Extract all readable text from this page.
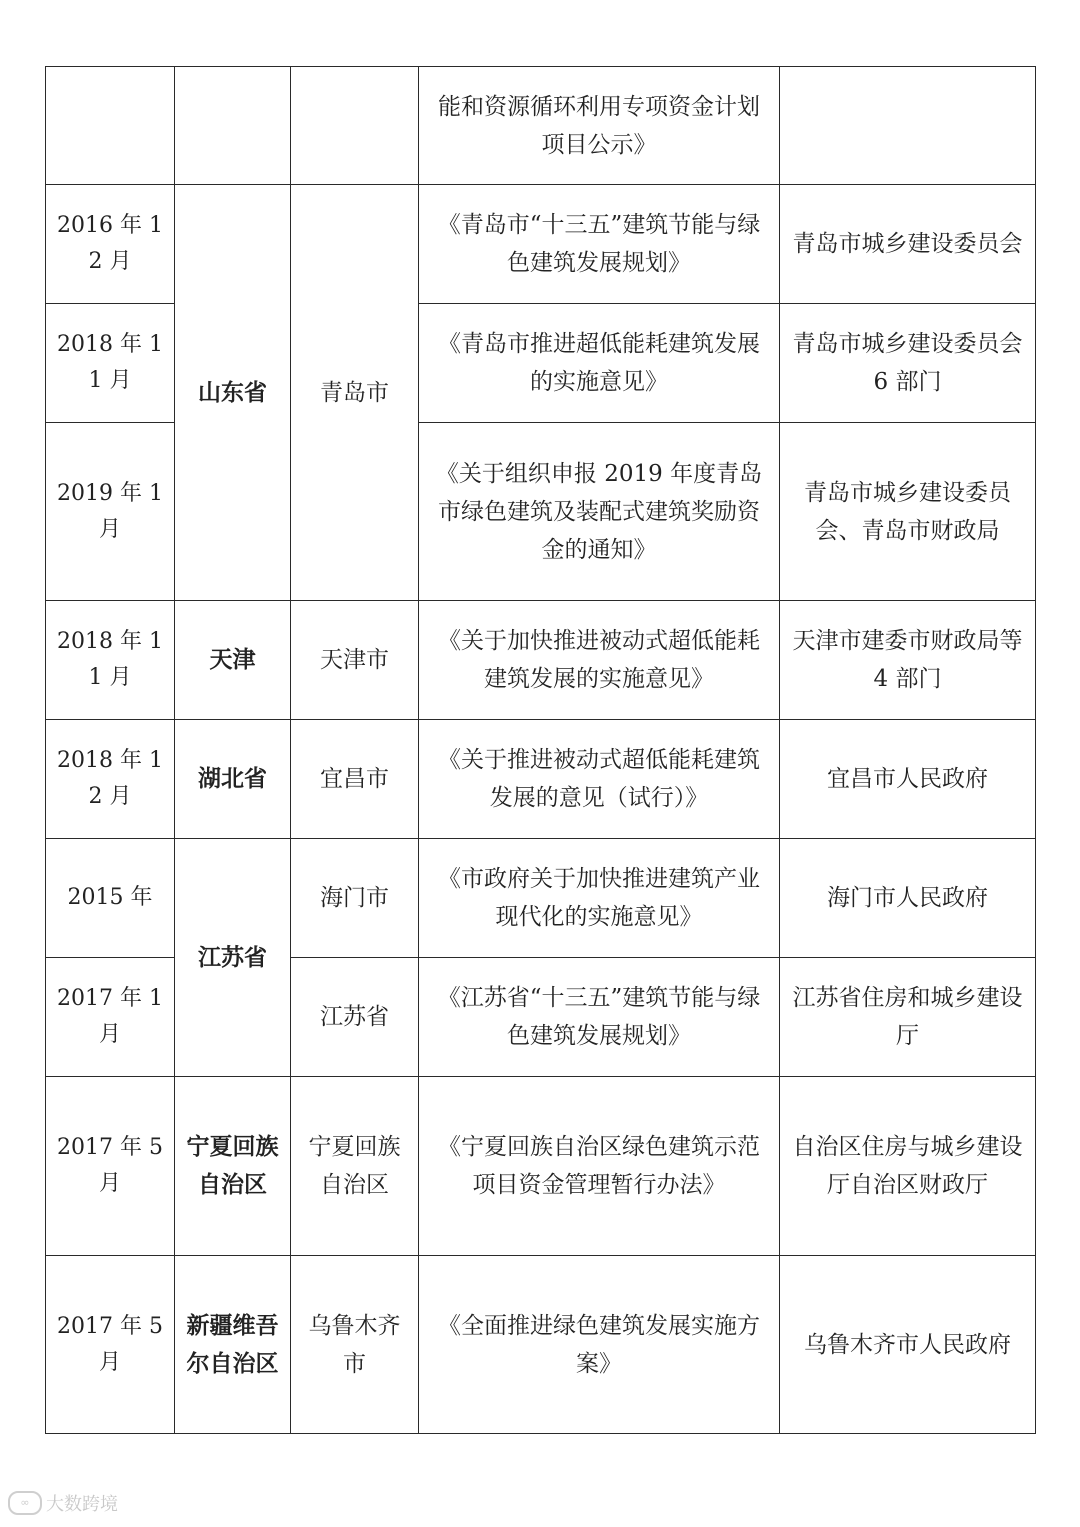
			能和资源循环利用专项资金计划项目公示》	
2016 年 12 月	山东省	青岛市	《青岛市“十三五”建筑节能与绿色建筑发展规划》	青岛市城乡建设委员会
2018 年 11 月			《青岛市推进超低能耗建筑发展的实施意见》	青岛市城乡建设委员会 6 部门
2019 年 1 月			《关于组织申报 2019 年度青岛市绿色建筑及装配式建筑奖励资金的通知》	青岛市城乡建设委员会、青岛市财政局
2018 年 11 月	天津	天津市	《关于加快推进被动式超低能耗建筑发展的实施意见》	天津市建委市财政局等 4 部门
2018 年 12 月	湖北省	宜昌市	《关于推进被动式超低能耗建筑发展的意见（试行）》	宜昌市人民政府
2015 年	江苏省	海门市	《市政府关于加快推进建筑产业现代化的实施意见》	海门市人民政府
2017 年 1 月		江苏省	《江苏省“十三五”建筑节能与绿色建筑发展规划》	江苏省住房和城乡建设厅
2017 年 5 月	宁夏回族自治区	宁夏回族自治区	《宁夏回族自治区绿色建筑示范项目资金管理暂行办法》	自治区住房与城乡建设厅自治区财政厅
2017 年 5 月	新疆维吾尔自治区	乌鲁木齐市	《全面推进绿色建筑发展实施方案》	乌鲁木齐市人民政府
∞ 大数跨境
